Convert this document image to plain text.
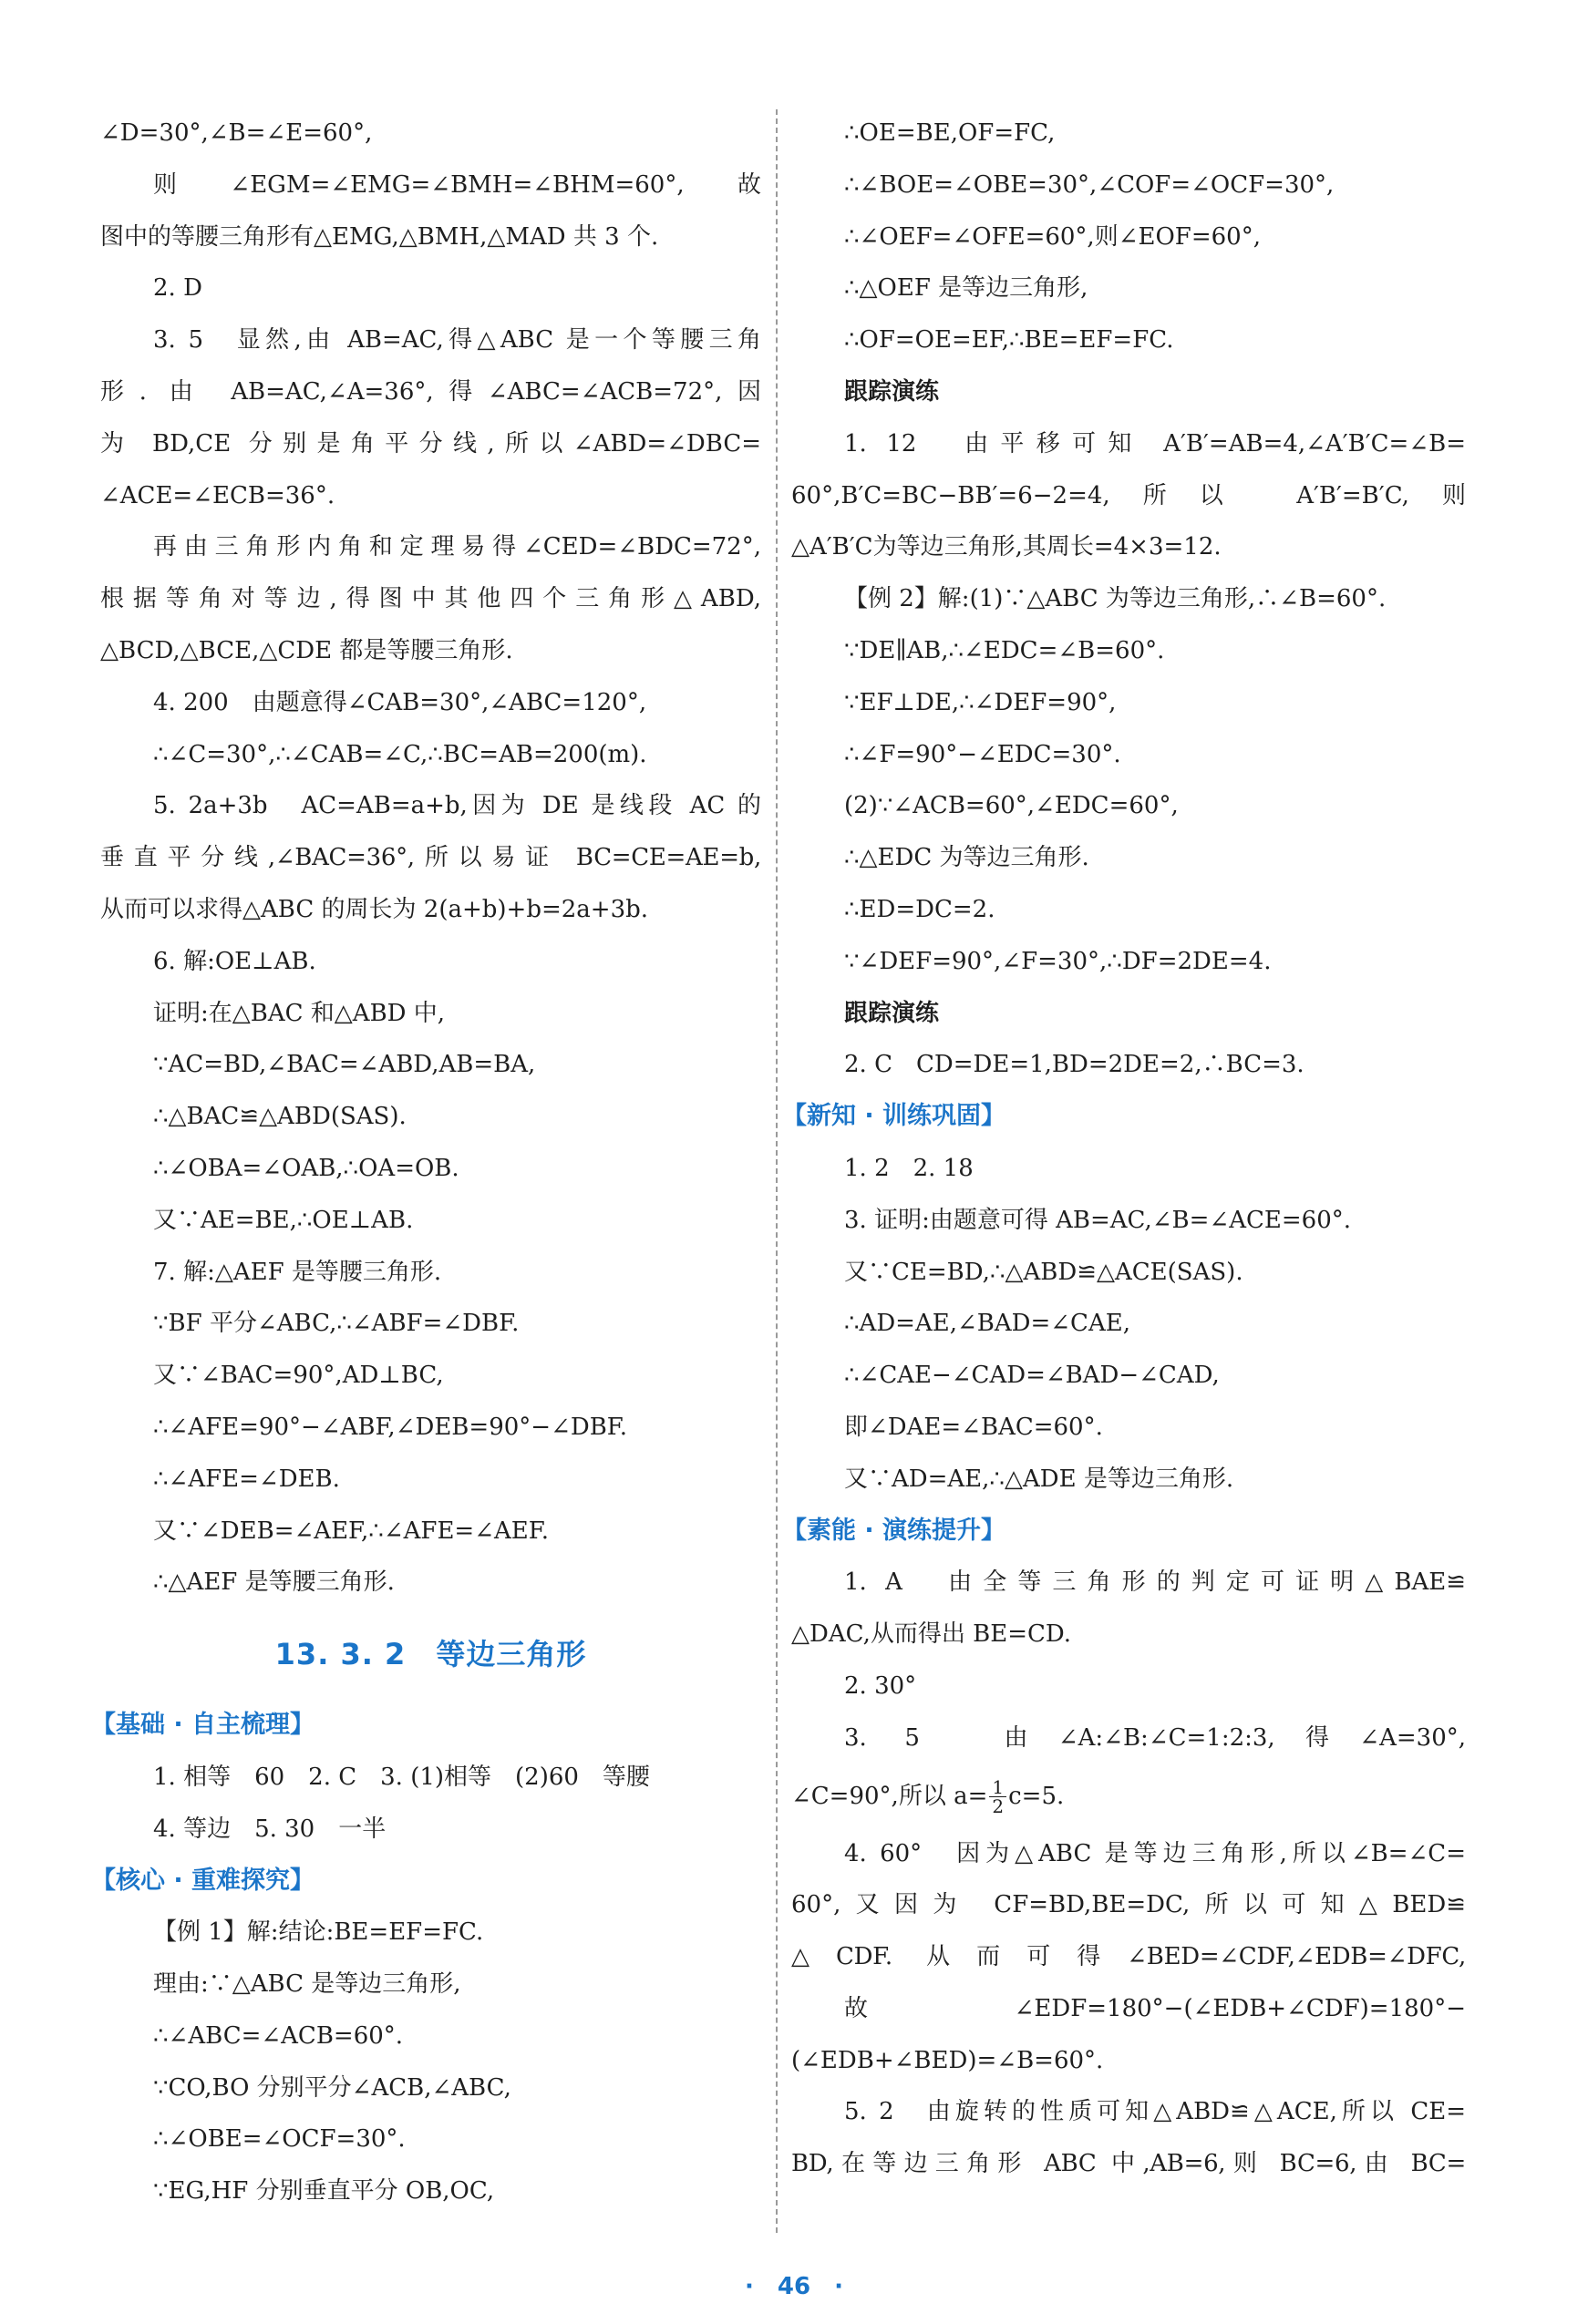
∠D=30°,∠B=∠E=60°,
则∠EGM=∠EMG=∠BMH=∠BHM=60°,故
图中的等腰三角形有△EMG,△BMH,△MAD 共 3 个.
2. D
3. 5　显然,由 AB=AC,得△ABC 是一个等腰三角
形. 由 AB=AC,∠A=36°,得∠ABC=∠ACB=72°,因
为 BD,CE 分别是角平分线,所以∠ABD=∠DBC=
∠ACE=∠ECB=36°.
再由三角形内角和定理易得∠CED=∠BDC=72°,
根据等角对等边,得图中其他四个三角形△ABD,
△BCD,△BCE,△CDE 都是等腰三角形.
4. 200　由题意得∠CAB=30°,∠ABC=120°,
∴∠C=30°,∴∠CAB=∠C,∴BC=AB=200(m).
5. 2a+3b　AC=AB=a+b,因为 DE 是线段 AC 的
垂直平分线,∠BAC=36°,所以易证 BC=CE=AE=b,
从而可以求得△ABC 的周长为 2(a+b)+b=2a+3b.
6. 解:OE⊥AB.
证明:在△BAC 和△ABD 中,
∵AC=BD,∠BAC=∠ABD,AB=BA,
∴△BAC≌△ABD(SAS).
∴∠OBA=∠OAB,∴OA=OB.
又∵AE=BE,∴OE⊥AB.
7. 解:△AEF 是等腰三角形.
∵BF 平分∠ABC,∴∠ABF=∠DBF.
又∵∠BAC=90°,AD⊥BC,
∴∠AFE=90°−∠ABF,∠DEB=90°−∠DBF.
∴∠AFE=∠DEB.
又∵∠DEB=∠AEF,∴∠AFE=∠AEF.
∴△AEF 是等腰三角形.
13. 3. 2　等边三角形
【基础 · 自主梳理】
1. 相等　60　2. C　3. (1)相等　(2)60　等腰
4. 等边　5. 30　一半
【核心 · 重难探究】
【例 1】解:结论:BE=EF=FC.
理由:∵△ABC 是等边三角形,
∴∠ABC=∠ACB=60°.
∵CO,BO 分别平分∠ACB,∠ABC,
∴∠OBE=∠OCF=30°.
∵EG,HF 分别垂直平分 OB,OC,
∴OE=BE,OF=FC,
∴∠BOE=∠OBE=30°,∠COF=∠OCF=30°,
∴∠OEF=∠OFE=60°,则∠EOF=60°,
∴△OEF 是等边三角形,
∴OF=OE=EF,∴BE=EF=FC.
跟踪演练
1. 12　由平移可知 A′B′=AB=4,∠A′B′C=∠B=
60°,B′C=BC−BB′=6−2=4,所以 A′B′=B′C,则
△A′B′C为等边三角形,其周长=4×3=12.
【例 2】解:(1)∵△ABC 为等边三角形,∴∠B=60°.
∵DE∥AB,∴∠EDC=∠B=60°.
∵EF⊥DE,∴∠DEF=90°,
∴∠F=90°−∠EDC=30°.
(2)∵∠ACB=60°,∠EDC=60°,
∴△EDC 为等边三角形.
∴ED=DC=2.
∵∠DEF=90°,∠F=30°,∴DF=2DE=4.
跟踪演练
2. C　CD=DE=1,BD=2DE=2,∴BC=3.
【新知 · 训练巩固】
1. 2　2. 18
3. 证明:由题意可得 AB=AC,∠B=∠ACE=60°.
又∵CE=BD,∴△ABD≌△ACE(SAS).
∴AD=AE,∠BAD=∠CAE,
∴∠CAE−∠CAD=∠BAD−∠CAD,
即∠DAE=∠BAC=60°.
又∵AD=AE,∴△ADE 是等边三角形.
【素能 · 演练提升】
1. A　由全等三角形的判定可证明△BAE≌
△DAC,从而得出 BE=CD.
2. 30°
3. 5　由∠A:∠B:∠C=1:2:3,得∠A=30°,
∠C=90°,所以 $a= \frac{1}{2} c=5$.
4. 60°　因为△ABC 是等边三角形,所以∠B=∠C=
60°,又因为 CF=BD,BE=DC,所以可知△BED≌
△CDF. 从而可得∠BED=∠CDF,∠EDB=∠DFC,
故∠EDF=180°−(∠EDB+∠CDF)=180°−
(∠EDB+∠BED)=∠B=60°.
5. 2　由旋转的性质可知△ABD≌△ACE,所以 CE=
BD,在等边三角形 ABC 中,AB=6,则 BC=6,由 BC=
·　46　·
